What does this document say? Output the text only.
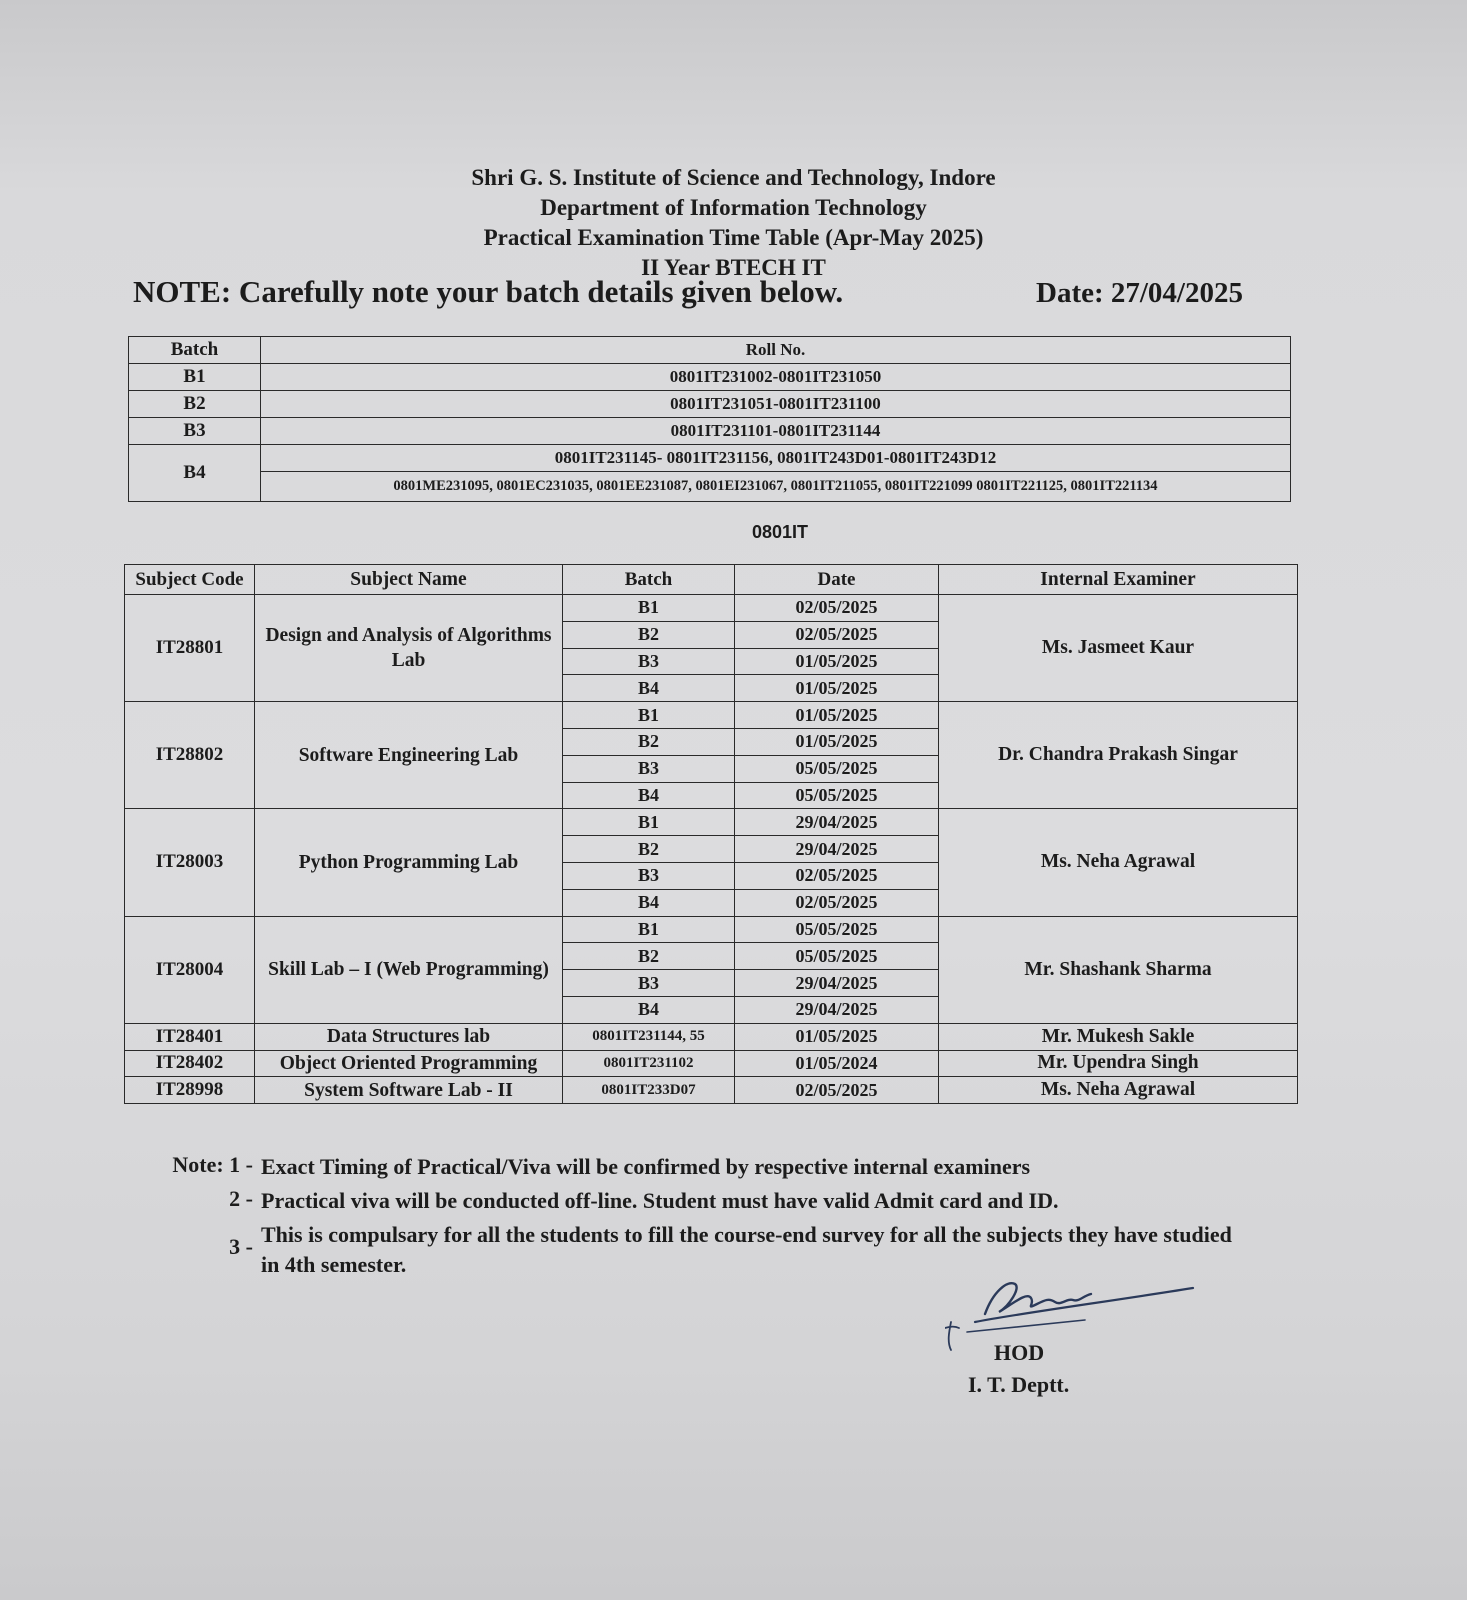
Shri G. S. Institute of Science and Technology, Indore
Department of Information Technology
Practical Examination Time Table (Apr-May 2025)
II Year BTECH IT
NOTE: Carefully note your batch details given below.	Date: 27/04/2025
Batch	Roll No.
B1	0801IT231002-0801IT231050
B2	0801IT231051-0801IT231100
B3	0801IT231101-0801IT231144
B4	0801IT231145- 0801IT231156, 0801IT243D01-0801IT243D12
	0801ME231095, 0801EC231035, 0801EE231087, 0801EI231067, 0801IT211055, 0801IT221099 0801IT221125, 0801IT221134
0801IT
Subject Code	Subject Name	Batch	Date	Internal Examiner
IT28801	Design and Analysis of Algorithms Lab	B1	02/05/2025	Ms. Jasmeet Kaur
		B2	02/05/2025	
		B3	01/05/2025	
		B4	01/05/2025	
IT28802	Software Engineering Lab	B1	01/05/2025	Dr. Chandra Prakash Singar
		B2	01/05/2025	
		B3	05/05/2025	
		B4	05/05/2025	
IT28003	Python Programming Lab	B1	29/04/2025	Ms. Neha Agrawal
		B2	29/04/2025	
		B3	02/05/2025	
		B4	02/05/2025	
IT28004	Skill Lab – I (Web Programming)	B1	05/05/2025	Mr. Shashank Sharma
		B2	05/05/2025	
		B3	29/04/2025	
		B4	29/04/2025	
IT28401	Data Structures lab	0801IT231144, 55	01/05/2025	Mr. Mukesh Sakle
IT28402	Object Oriented Programming	0801IT231102	01/05/2024	Mr. Upendra Singh
IT28998	System Software Lab - II	0801IT233D07	02/05/2025	Ms. Neha Agrawal
Note: 1 - Exact Timing of Practical/Viva will be confirmed by respective internal examiners
2 - Practical viva will be conducted off-line. Student must have valid Admit card and ID.
3 - This is compulsary for all the students to fill the course-end survey for all the subjects they have studied in 4th semester.
HOD
I. T. Deptt.
